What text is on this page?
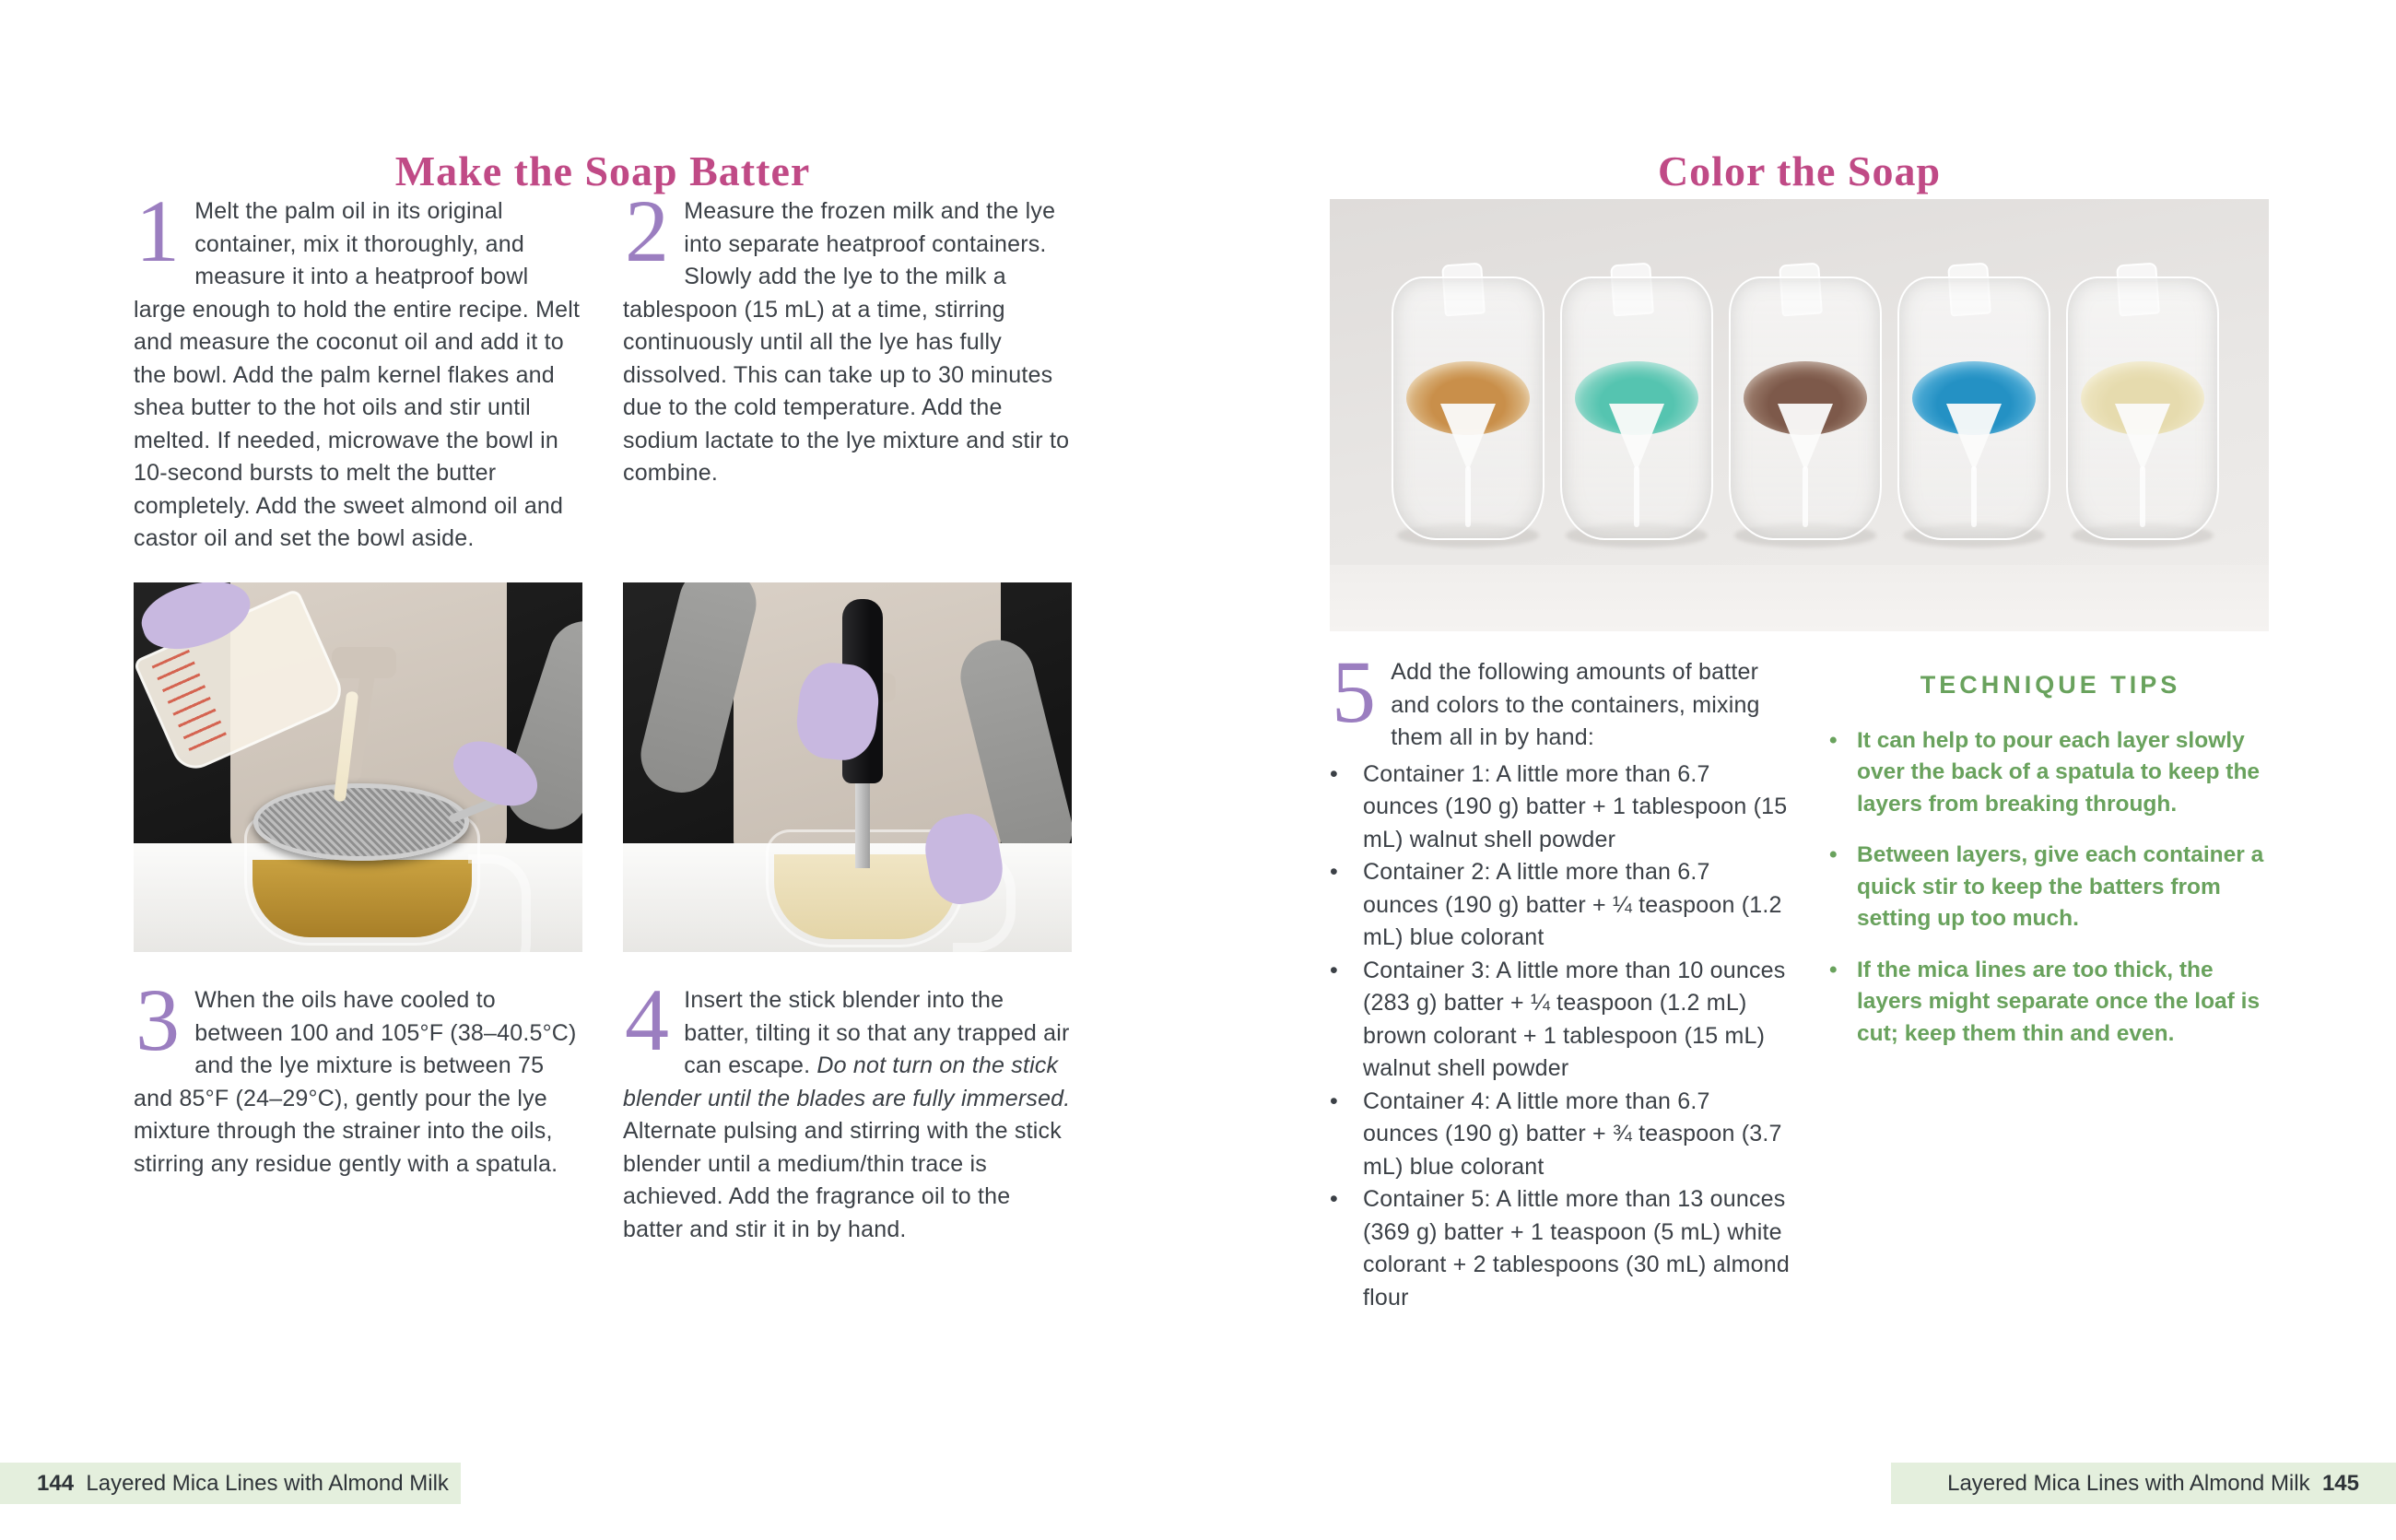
Make the Soap Batter
1 Melt the palm oil in its original container, mix it thoroughly, and measure it into a heatproof bowl large enough to hold the entire recipe. Melt and measure the coconut oil and add it to the bowl. Add the palm kernel flakes and shea butter to the hot oils and stir until melted. If needed, microwave the bowl in 10-second bursts to melt the butter completely. Add the sweet almond oil and castor oil and set the bowl aside.
2 Measure the frozen milk and the lye into separate heatproof containers. Slowly add the lye to the milk a tablespoon (15 mL) at a time, stirring continuously until all the lye has fully dissolved. This can take up to 30 minutes due to the cold temperature. Add the sodium lactate to the lye mixture and stir to combine.
3 When the oils have cooled to between 100 and 105°F (38–40.5°C) and the lye mixture is between 75 and 85°F (24–29°C), gently pour the lye mixture through the strainer into the oils, stirring any residue gently with a spatula.
4 Insert the stick blender into the batter, tilting it so that any trapped air can escape. Do not turn on the stick blender until the blades are fully immersed. Alternate pulsing and stirring with the stick blender until a medium/thin trace is achieved. Add the fragrance oil to the batter and stir it in by hand.
144 Layered Mica Lines with Almond Milk
Color the Soap
5 Add the following amounts of batter and colors to the containers, mixing them all in by hand:
•	Container 1: A little more than 6.7 ounces (190 g) batter + 1 tablespoon (15 mL) walnut shell powder
•	Container 2: A little more than 6.7 ounces (190 g) batter + ¼ teaspoon (1.2 mL) blue colorant
•	Container 3: A little more than 10 ounces (283 g) batter + ¼ teaspoon (1.2 mL) brown colorant + 1 tablespoon (15 mL) walnut shell powder
•	Container 4: A little more than 6.7 ounces (190 g) batter + ¾ teaspoon (3.7 mL) blue colorant
•	Container 5: A little more than 13 ounces (369 g) batter + 1 teaspoon (5 mL) white colorant + 2 tablespoons (30 mL) almond flour
TECHNIQUE TIPS
• It can help to pour each layer slowly over the back of a spatula to keep the layers from breaking through.
• Between layers, give each container a quick stir to keep the batters from setting up too much.
• If the mica lines are too thick, the layers might separate once the loaf is cut; keep them thin and even.
Layered Mica Lines with Almond Milk 145
